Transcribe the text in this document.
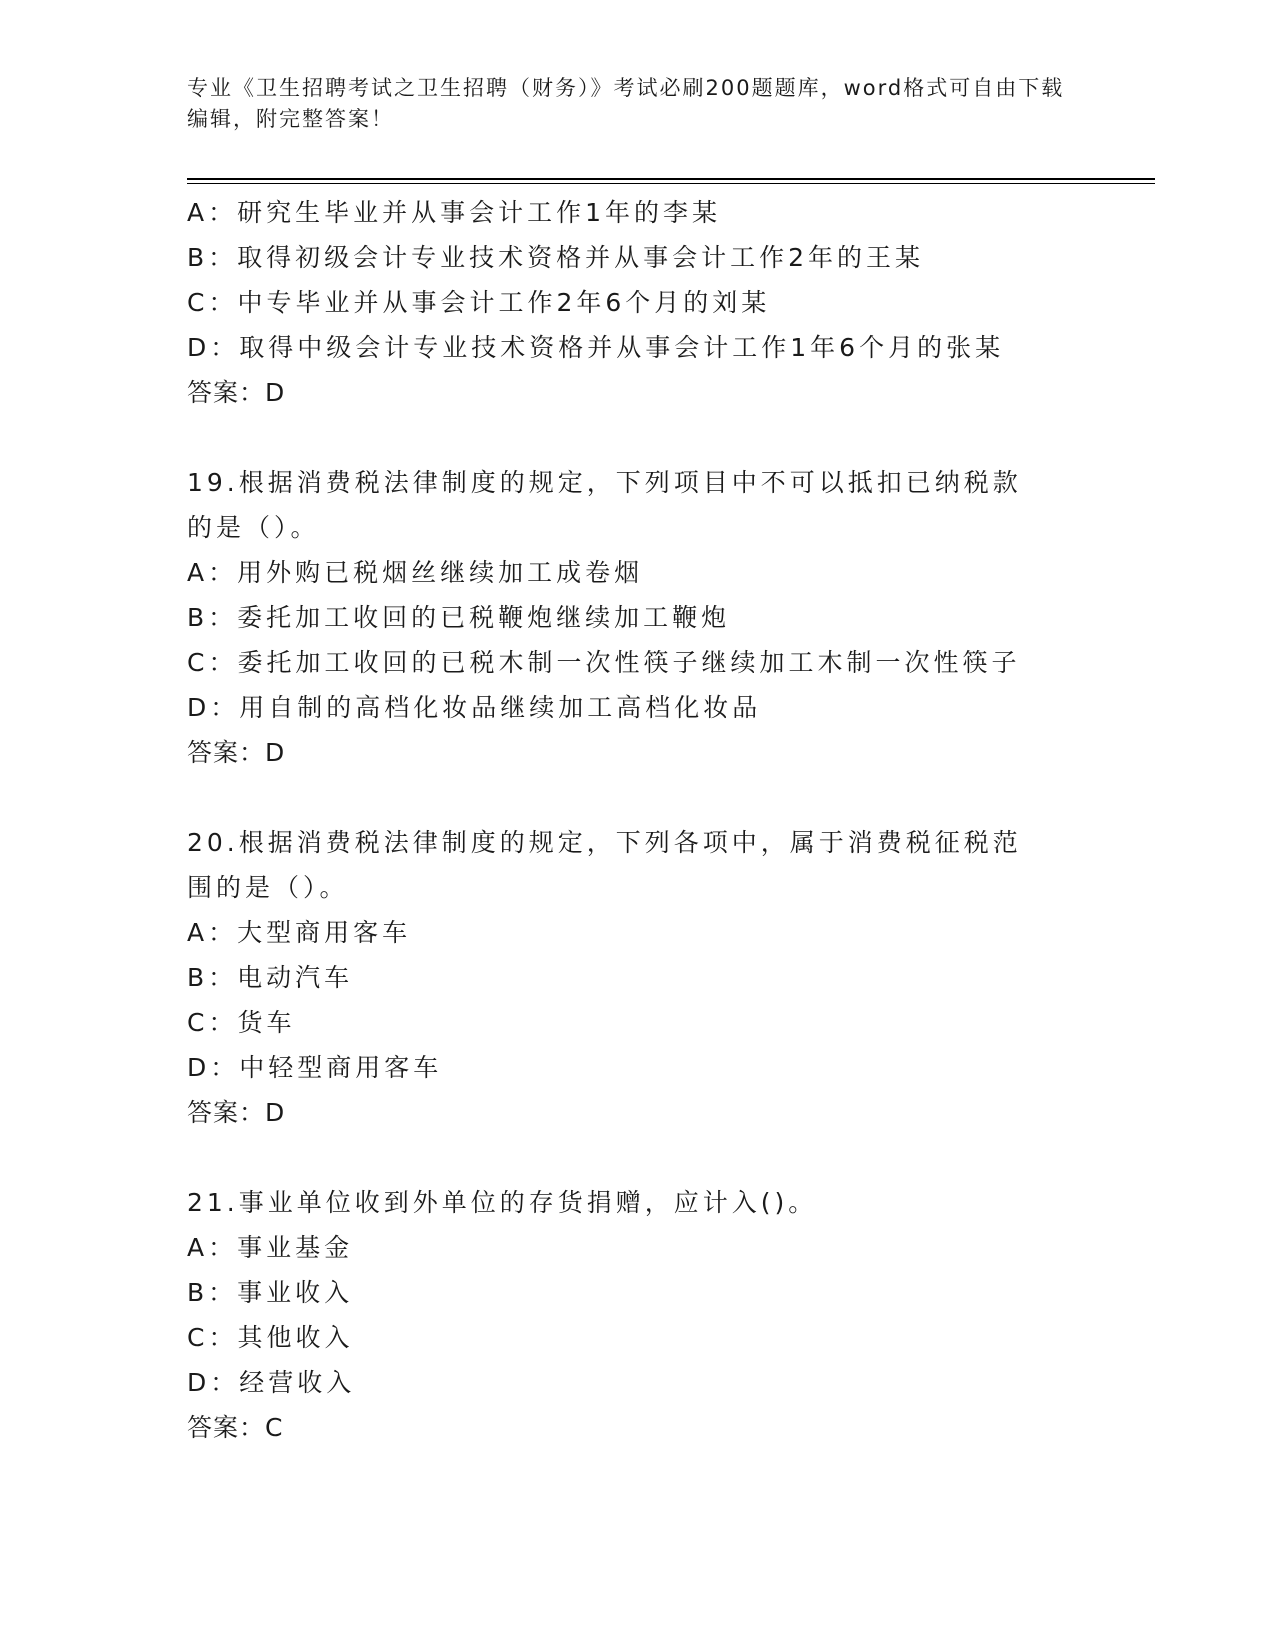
专业《卫生招聘考试之卫生招聘（财务）》考试必刷200题题库，word格式可自由下载编辑，附完整答案！

A：研究生毕业并从事会计工作1年的李某
B：取得初级会计专业技术资格并从事会计工作2年的王某
C：中专毕业并从事会计工作2年6个月的刘某
D：取得中级会计专业技术资格并从事会计工作1年6个月的张某
答案：D
19.根据消费税法律制度的规定，下列项目中不可以抵扣已纳税款的是（）。
A：用外购已税烟丝继续加工成卷烟
B：委托加工收回的已税鞭炮继续加工鞭炮
C：委托加工收回的已税木制一次性筷子继续加工木制一次性筷子
D：用自制的高档化妆品继续加工高档化妆品
答案：D
20.根据消费税法律制度的规定，下列各项中，属于消费税征税范围的是（）。
A：大型商用客车
B：电动汽车
C：货车
D：中轻型商用客车
答案：D
21.事业单位收到外单位的存货捐赠，应计入()。
A：事业基金
B：事业收入
C：其他收入
D：经营收入
答案：C
